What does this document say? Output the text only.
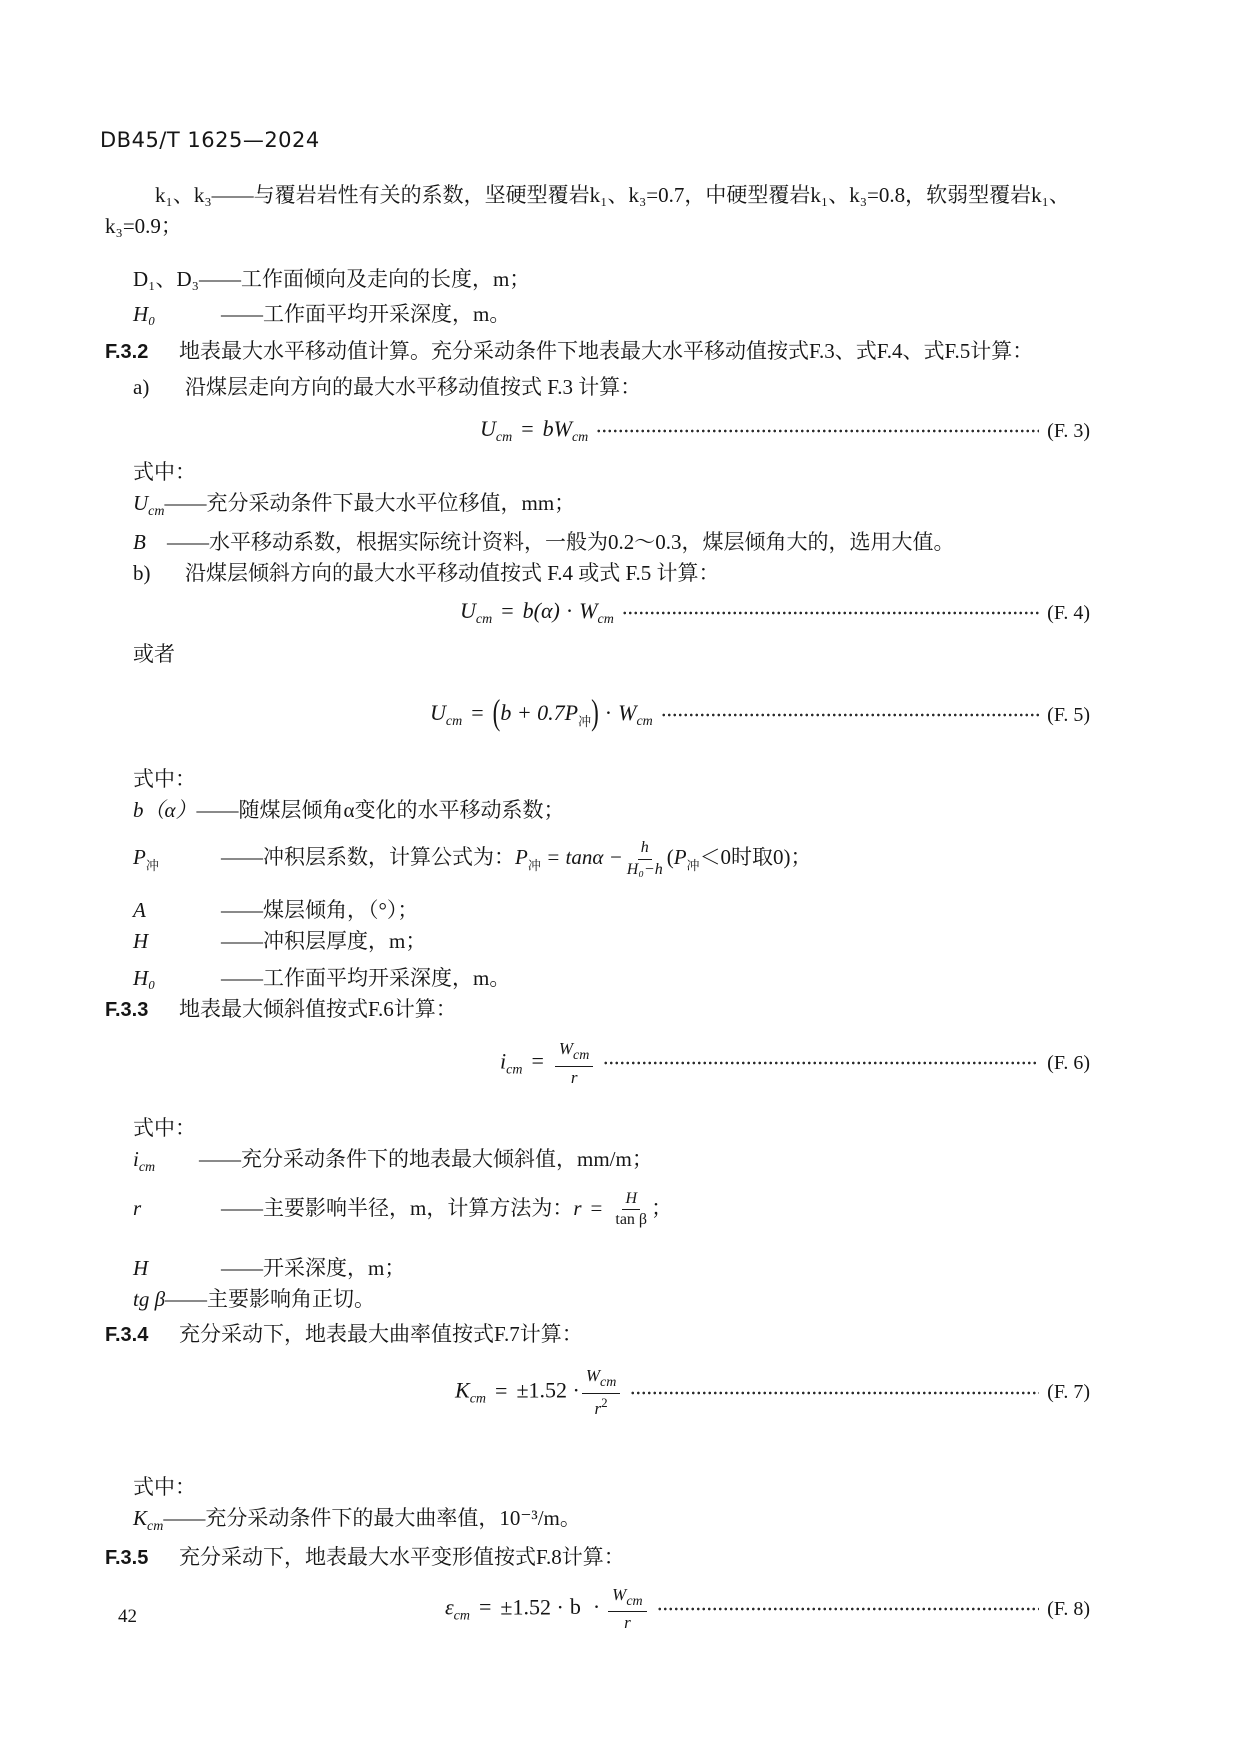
DB45/T 1625—2024
k₁、k₃——与覆岩岩性有关的系数，坚硬型覆岩k₁、k₃=0.7，中硬型覆岩k₁、k₃=0.8，软弱型覆岩k₁、
k₃=0.9；
D₁、D₃——工作面倾向及走向的长度，m；
H₀	——工作面平均开采深度，m。
F.3.2 地表最大水平移动值计算。充分采动条件下地表最大水平移动值按式F.3、式F.4、式F.5计算：
a) 沿煤层走向方向的最大水平移动值按式 F.3 计算：
$U_{cm} = bW_{cm}$	(F. 3)
式中：
$U_{cm}——$充分采动条件下最大水平位移值，mm；
B ——水平移动系数，根据实际统计资料，一般为0.2～0.3，煤层倾角大的，选用大值。
b) 沿煤层倾斜方向的最大水平移动值按式 F.4 或式 F.5 计算：
$U_{cm} = b(\alpha) \cdot W_{cm}$	(F. 4)
或者
$U_{cm} = (b + 0.7P_冲) \cdot W_{cm}$	(F. 5)
式中：
b（α）——随煤层倾角α变化的水平移动系数；
$P_冲$	——冲积层系数，计算公式为：$P_冲 = \tan\alpha - \frac{h}{\text{H₀−h}} (P_冲<0$时取0)；
A	——煤层倾角，（°）；
H	——冲积层厚度，m；
H₀	——工作面平均开采深度，m。
F.3.3 地表最大倾斜值按式F.6计算：
$i_{cm} = \frac{W_{cm}}{r}$	(F. 6)
式中：
$i_{cm}$ ——充分采动条件下的地表最大倾斜值，mm/m；
r	——主要影响半径，m，计算方法为：$r = \frac{H}{\text{tan β}}$ ；
H	——开采深度，m；
tg β——主要影响角正切。
F.3.4 充分采动下，地表最大曲率值按式F.7计算：
$K_{cm} = \pm 1.52 \cdot \frac{W_{cm}}{r^2}$	(F. 7)
式中：
$K_{cm}——$充分采动条件下的最大曲率值，10⁻³/m。
F.3.5 充分采动下，地表最大水平变形值按式F.8计算：
$\varepsilon_{cm} = \pm 1.52 \cdot b \cdot \frac{W_{cm}}{r}$	(F. 8)
42
